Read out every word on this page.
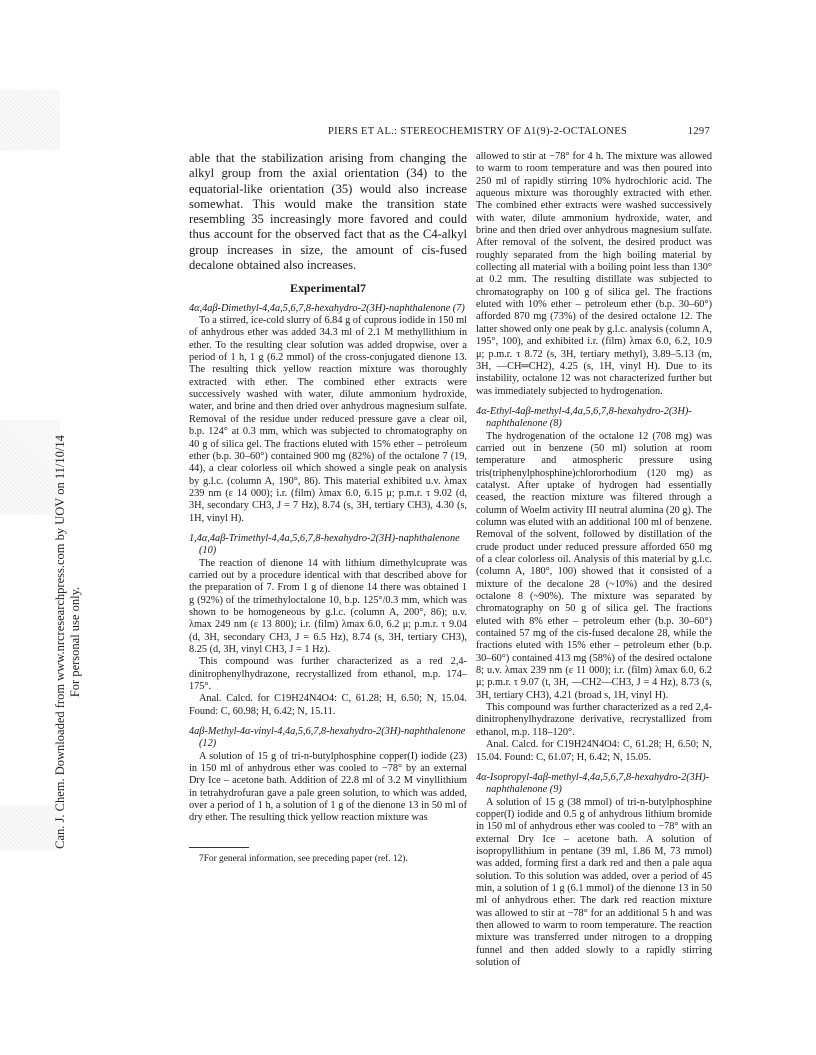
Can. J. Chem. Downloaded from www.nrcresearchpress.com by UOV on 11/10/14 For personal use only.
PIERS ET AL.: STEREOCHEMISTRY OF Δ1(9)-2-OCTALONES	1297

able that the stabilization arising from changing the alkyl group from the axial orientation (34) to the equatorial-like orientation (35) would also increase somewhat. This would make the transition state resembling 35 increasingly more favored and could thus account for the observed fact that as the C4-alkyl group increases in size, the amount of cis-fused decalone obtained also increases.

Experimental7

4α,4aβ-Dimethyl-4,4a,5,6,7,8-hexahydro-2(3H)-naphthalenone (7)

To a stirred, ice-cold slurry of 6.84 g of cuprous iodide in 150 ml of anhydrous ether was added 34.3 ml of 2.1 M methyllithium in ether. To the resulting clear solution was added dropwise, over a period of 1 h, 1 g (6.2 mmol) of the cross-conjugated dienone 13. The resulting thick yellow reaction mixture was thoroughly extracted with ether. The combined ether extracts were successively washed with water, dilute ammonium hydroxide, water, and brine and then dried over anhydrous magnesium sulfate. Removal of the residue under reduced pressure gave a clear oil, b.p. 124° at 0.3 mm, which was subjected to chromatography on 40 g of silica gel. The fractions eluted with 15% ether – petroleum ether (b.p. 30–60°) contained 900 mg (82%) of the octalone 7 (19, 44), a clear colorless oil which showed a single peak on analysis by g.l.c. (column A, 190°, 86). This material exhibited u.v. λmax 239 nm (ε 14 000); i.r. (film) λmax 6.0, 6.15 μ; p.m.r. τ 9.02 (d, 3H, secondary CH3, J = 7 Hz), 8.74 (s, 3H, tertiary CH3), 4.30 (s, 1H, vinyl H).

1,4α,4aβ-Trimethyl-4,4a,5,6,7,8-hexahydro-2(3H)-naphthalenone (10)

The reaction of dienone 14 with lithium dimethylcuprate was carried out by a procedure identical with that described above for the preparation of 7. From 1 g of dienone 14 there was obtained 1 g (92%) of the trimethyloctalone 10, b.p. 125°/0.3 mm, which was shown to be homogeneous by g.l.c. (column A, 200°, 86); u.v. λmax 249 nm (ε 13 800); i.r. (film) λmax 6.0, 6.2 μ; p.m.r. τ 9.04 (d, 3H, secondary CH3, J = 6.5 Hz), 8.74 (s, 3H, tertiary CH3), 8.25 (d, 3H, vinyl CH3, J = 1 Hz).

This compound was further characterized as a red 2,4-dinitrophenylhydrazone, recrystallized from ethanol, m.p. 174–175°.

Anal. Calcd. for C19H24N4O4: C, 61.28; H, 6.50; N, 15.04. Found: C, 60.98; H, 6.42; N, 15.11.

4aβ-Methyl-4α-vinyl-4,4a,5,6,7,8-hexahydro-2(3H)-naphthalenone (12)

A solution of 15 g of tri-n-butylphosphine copper(I) iodide (23) in 150 ml of anhydrous ether was cooled to −78° by an external Dry Ice – acetone bath. Addition of 22.8 ml of 3.2 M vinyllithium in tetrahydrofuran gave a pale green solution, to which was added, over a period of 1 h, a solution of 1 g of the dienone 13 in 50 ml of dry ether. The resulting thick yellow reaction mixture was

7For general information, see preceding paper (ref. 12).

allowed to stir at −78° for 4 h. The mixture was allowed to warm to room temperature and was then poured into 250 ml of rapidly stirring 10% hydrochloric acid. The aqueous mixture was thoroughly extracted with ether. The combined ether extracts were washed successively with water, dilute ammonium hydroxide, water, and brine and then dried over anhydrous magnesium sulfate. After removal of the solvent, the desired product was roughly separated from the high boiling material by collecting all material with a boiling point less than 130° at 0.2 mm. The resulting distillate was subjected to chromatography on 100 g of silica gel. The fractions eluted with 10% ether – petroleum ether (b.p. 30–60°) afforded 870 mg (73%) of the desired octalone 12. The latter showed only one peak by g.l.c. analysis (column A, 195°, 100), and exhibited i.r. (film) λmax 6.0, 6.2, 10.9 μ; p.m.r. τ 8.72 (s, 3H, tertiary methyl), 3.89–5.13 (m, 3H, —CH═CH2), 4.25 (s, 1H, vinyl H). Due to its instability, octalone 12 was not characterized further but was immediately subjected to hydrogenation.

4α-Ethyl-4aβ-methyl-4,4a,5,6,7,8-hexahydro-2(3H)-naphthalenone (8)

The hydrogenation of the octalone 12 (708 mg) was carried out in benzene (50 ml) solution at room temperature and atmospheric pressure using tris(triphenylphosphine)chlororhodium (120 mg) as catalyst. After uptake of hydrogen had essentially ceased, the reaction mixture was filtered through a column of Woelm activity III neutral alumina (20 g). The column was eluted with an additional 100 ml of benzene. Removal of the solvent, followed by distillation of the crude product under reduced pressure afforded 650 mg of a clear colorless oil. Analysis of this material by g.l.c. (column A, 180°, 100) showed that it consisted of a mixture of the decalone 28 (~10%) and the desired octalone 8 (~90%). The mixture was separated by chromatography on 50 g of silica gel. The fractions eluted with 8% ether – petroleum ether (b.p. 30–60°) contained 57 mg of the cis-fused decalone 28, while the fractions eluted with 15% ether – petroleum ether (b.p. 30–60°) contained 413 mg (58%) of the desired octalone 8; u.v. λmax 239 nm (ε 11 000); i.r. (film) λmax 6.0, 6.2 μ; p.m.r. τ 9.07 (t, 3H, —CH2—CH3, J = 4 Hz), 8.73 (s, 3H, tertiary CH3), 4.21 (broad s, 1H, vinyl H).

This compound was further characterized as a red 2,4-dinitrophenylhydrazone derivative, recrystallized from ethanol, m.p. 118–120°.

Anal. Calcd. for C19H24N4O4: C, 61.28; H, 6.50; N, 15.04. Found: C, 61.07; H, 6.42; N, 15.05.

4α-Isopropyl-4aβ-methyl-4,4a,5,6,7,8-hexahydro-2(3H)-naphthalenone (9)

A solution of 15 g (38 mmol) of tri-n-butylphosphine copper(I) iodide and 0.5 g of anhydrous lithium bromide in 150 ml of anhydrous ether was cooled to −78° with an external Dry Ice – acetone bath. A solution of isopropyllithium in pentane (39 ml, 1.86 M, 73 mmol) was added, forming first a dark red and then a pale aqua solution. To this solution was added, over a period of 45 min, a solution of 1 g (6.1 mmol) of the dienone 13 in 50 ml of anhydrous ether. The dark red reaction mixture was allowed to stir at −78° for an additional 5 h and was then allowed to warm to room temperature. The reaction mixture was transferred under nitrogen to a dropping funnel and then added slowly to a rapidly stirring solution of
